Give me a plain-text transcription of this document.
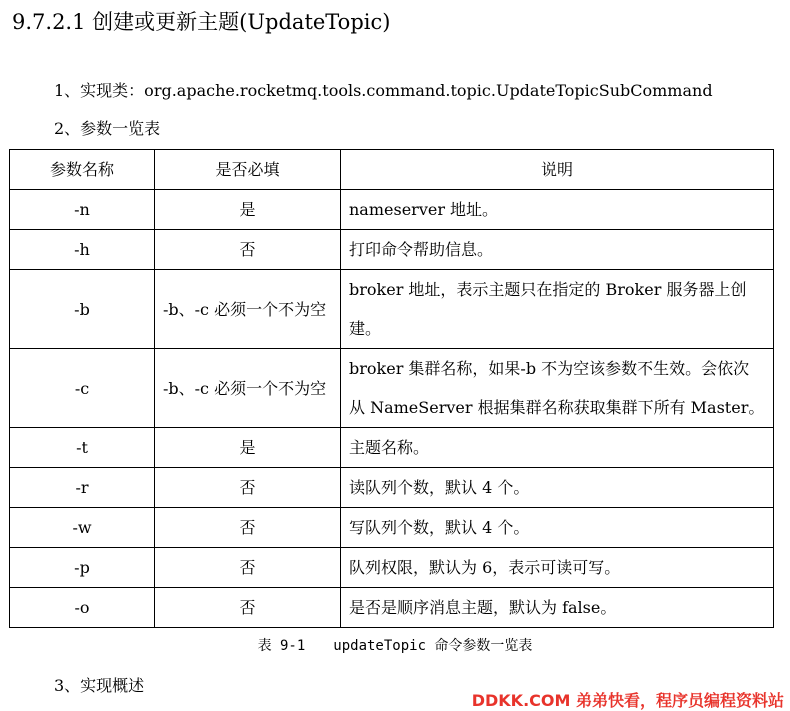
9.7.2.1 创建或更新主题(UpdateTopic)
1、实现类：org.apache.rocketmq.tools.command.topic.UpdateTopicSubCommand
2、参数一览表
参数名称	是否必填	说明
-n	是	nameserver 地址。
-h	否	打印命令帮助信息。
-b	-b、-c 必须一个不为空	broker 地址，表示主题只在指定的 Broker 服务器上创建。
-c	-b、-c 必须一个不为空	broker 集群名称，如果-b 不为空该参数不生效。会依次从 NameServer 根据集群名称获取集群下所有 Master。
-t	是	主题名称。
-r	否	读队列个数，默认 4 个。
-w	否	写队列个数，默认 4 个。
-p	否	队列权限，默认为 6，表示可读可写。
-o	否	是否是顺序消息主题，默认为 false。
表 9-1 updateTopic 命令参数一览表
3、实现概述
DDKK.COM 弟弟快看，程序员编程资料站
